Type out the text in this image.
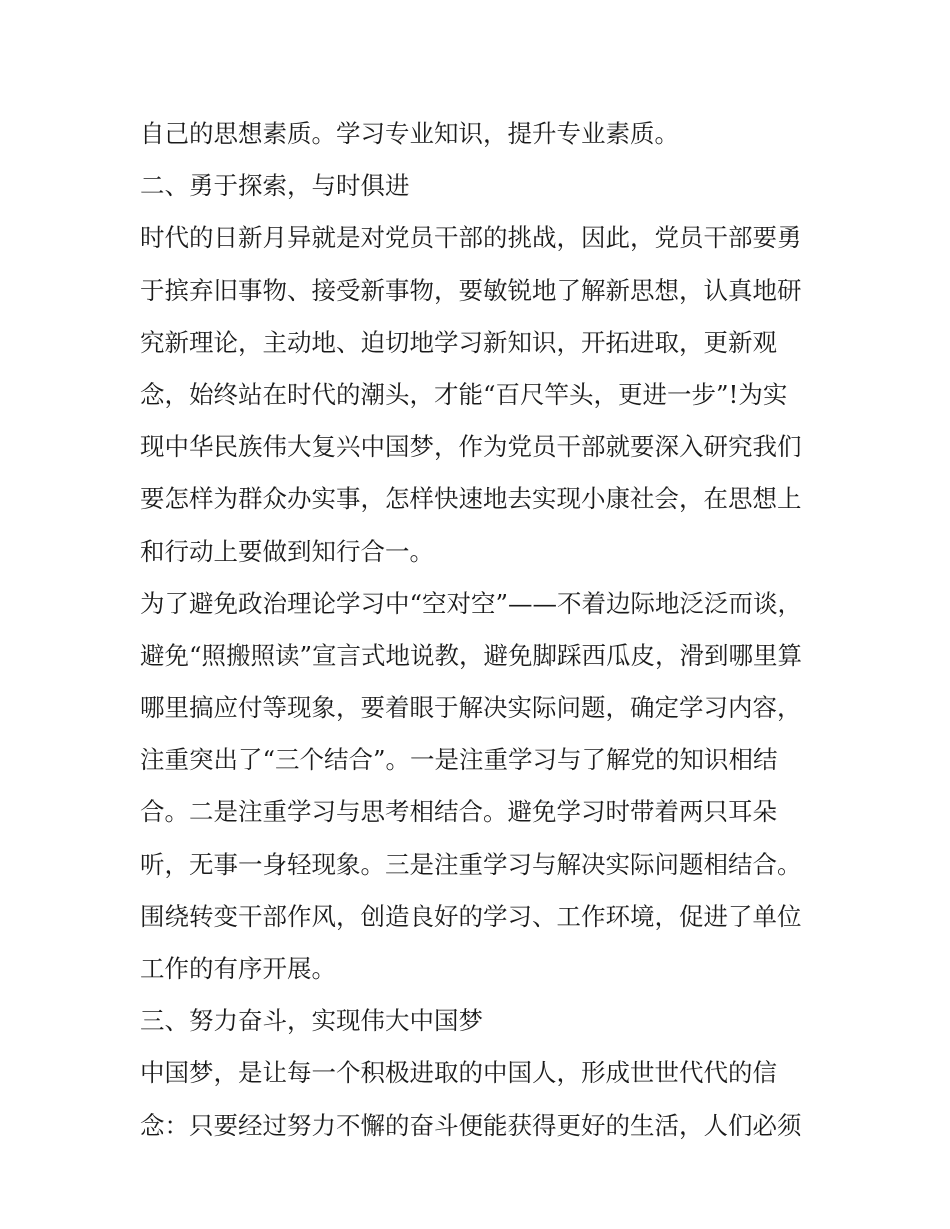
自己的思想素质。学习专业知识，提升专业素质。
二、勇于探索，与时俱进
时代的日新月异就是对党员干部的挑战，因此，党员干部要勇
于摈弃旧事物、接受新事物，要敏锐地了解新思想，认真地研
究新理论，主动地、迫切地学习新知识，开拓进取，更新观
念，始终站在时代的潮头，才能“百尺竿头，更进一步”!为实
现中华民族伟大复兴中国梦，作为党员干部就要深入研究我们
要怎样为群众办实事，怎样快速地去实现小康社会，在思想上
和行动上要做到知行合一。
为了避免政治理论学习中“空对空”——不着边际地泛泛而谈，
避免“照搬照读”宣言式地说教，避免脚踩西瓜皮，滑到哪里算
哪里搞应付等现象，要着眼于解决实际问题，确定学习内容，
注重突出了“三个结合”。一是注重学习与了解党的知识相结
合。二是注重学习与思考相结合。避免学习时带着两只耳朵
听，无事一身轻现象。三是注重学习与解决实际问题相结合。
围绕转变干部作风，创造良好的学习、工作环境，促进了单位
工作的有序开展。
三、努力奋斗，实现伟大中国梦
中国梦，是让每一个积极进取的中国人，形成世世代代的信
念：只要经过努力不懈的奋斗便能获得更好的生活，人们必须
